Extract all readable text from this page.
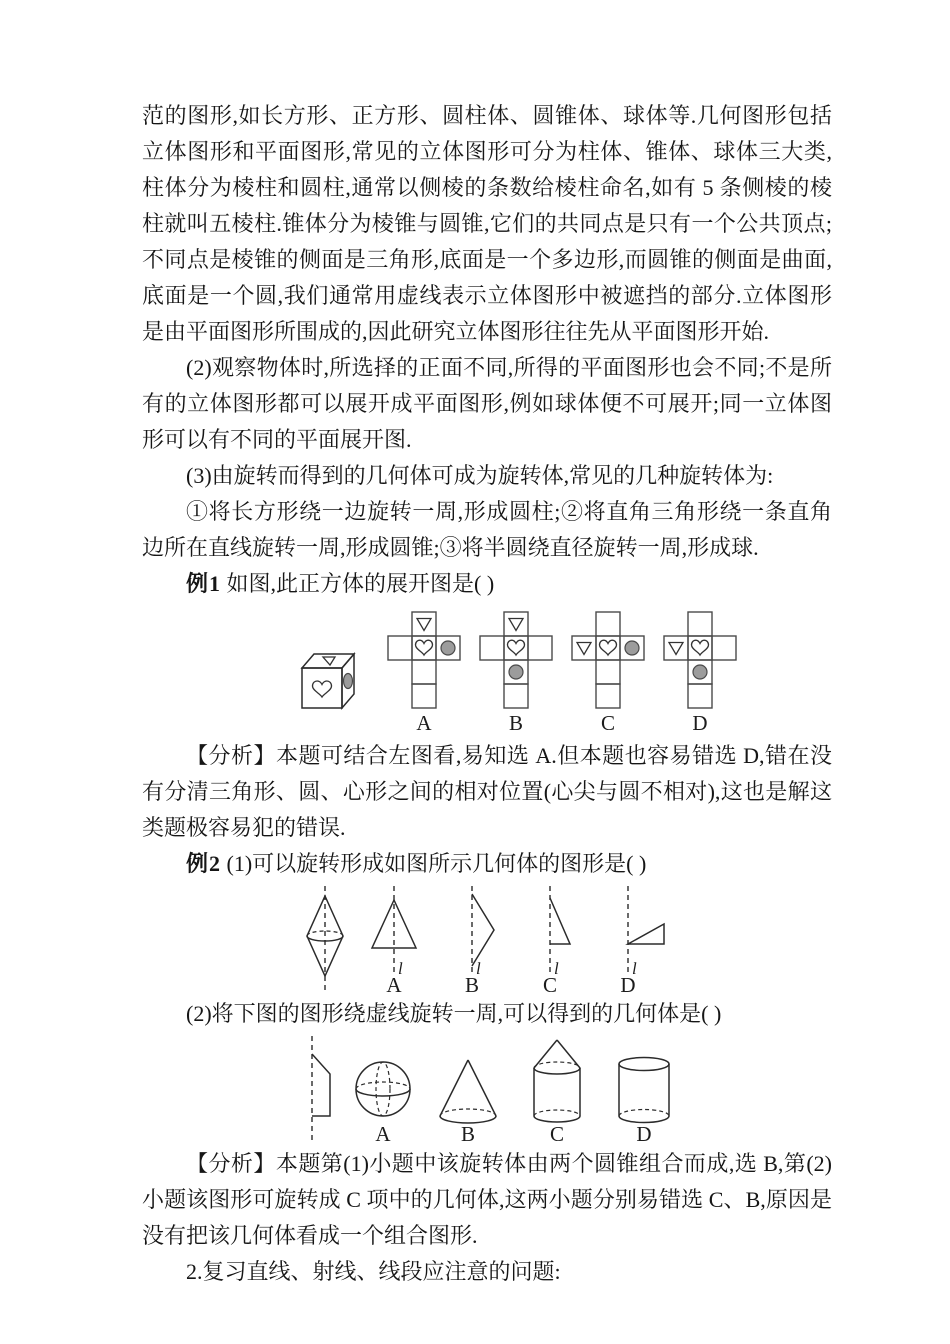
范的图形,如长方形、正方形、圆柱体、圆锥体、球体等.几何图形包括立体图形和平面图形,常见的立体图形可分为柱体、锥体、球体三大类,柱体分为棱柱和圆柱,通常以侧棱的条数给棱柱命名,如有 5 条侧棱的棱柱就叫五棱柱.锥体分为棱锥与圆锥,它们的共同点是只有一个公共顶点;不同点是棱锥的侧面是三角形,底面是一个多边形,而圆锥的侧面是曲面,底面是一个圆,我们通常用虚线表示立体图形中被遮挡的部分.立体图形是由平面图形所围成的,因此研究立体图形往往先从平面图形开始.

(2)观察物体时,所选择的正面不同,所得的平面图形也会不同;不是所有的立体图形都可以展开成平面图形,例如球体便不可展开;同一立体图形可以有不同的平面展开图.

(3)由旋转而得到的几何体可成为旋转体,常见的几种旋转体为:

①将长方形绕一边旋转一周,形成圆柱;②将直角三角形绕一条直角边所在直线旋转一周,形成圆锥;③将半圆绕直径旋转一周,形成球.

例1 如图,此正方体的展开图是( )

A	B	C	D

【分析】本题可结合左图看,易知选 A.但本题也容易错选 D,错在没有分清三角形、圆、心形之间的相对位置(心尖与圆不相对),这也是解这类题极容易犯的错误.

例2 (1)可以旋转形成如图所示几何体的图形是( )

l
A
l
B
l
C
l
D

(2)将下图的图形绕虚线旋转一周,可以得到的几何体是( )

A	B	C	D

【分析】本题第(1)小题中该旋转体由两个圆锥组合而成,选 B,第(2)小题该图形可旋转成 C 项中的几何体,这两小题分别易错选 C、B,原因是没有把该几何体看成一个组合图形.

2.复习直线、射线、线段应注意的问题:
